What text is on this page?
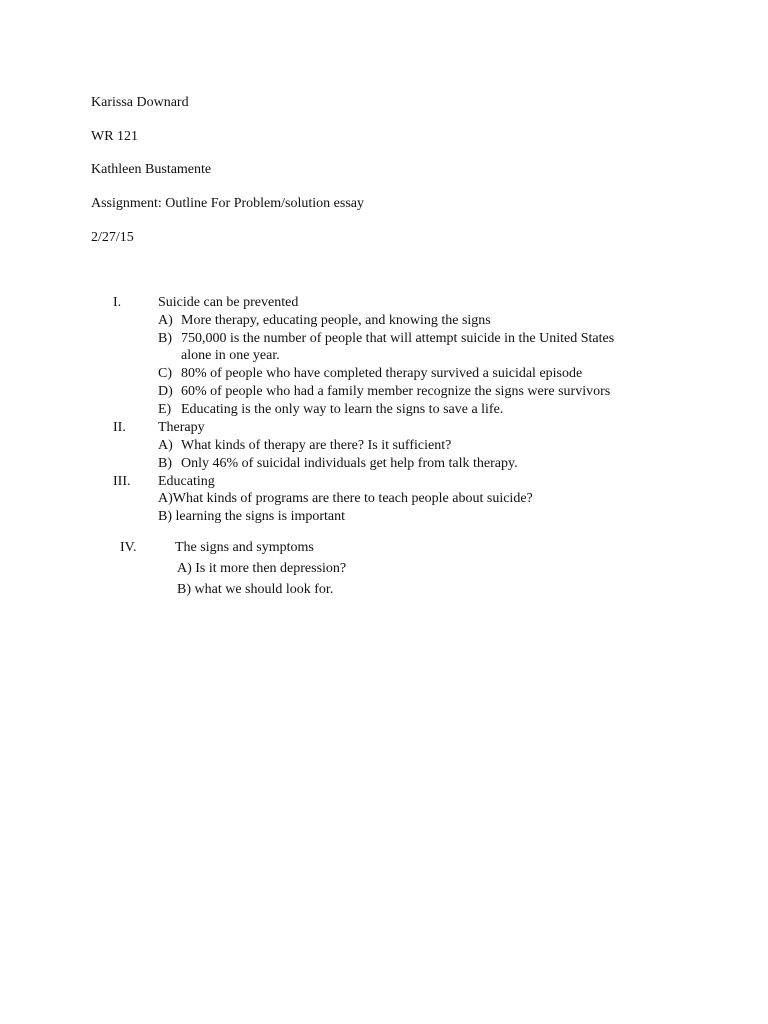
Karissa Downard
WR 121
Kathleen Bustamente
Assignment: Outline For Problem/solution essay
2/27/15
I.	Suicide can be prevented
A) More therapy, educating people, and knowing the signs
B) 750,000 is the number of people that will attempt suicide in the United States
alone in one year.
C) 80% of people who have completed therapy survived a suicidal episode
D) 60% of people who had a family member recognize the signs were survivors
E) Educating is the only way to learn the signs to save a life.
II. Therapy
A) What kinds of therapy are there? Is it sufficient?
B) Only 46% of suicidal individuals get help from talk therapy.
III. Educating
A)What kinds of programs are there to teach people about suicide?
B) learning the signs is important
IV.	The signs and symptoms
A) Is it more then depression?
B) what we should look for.
